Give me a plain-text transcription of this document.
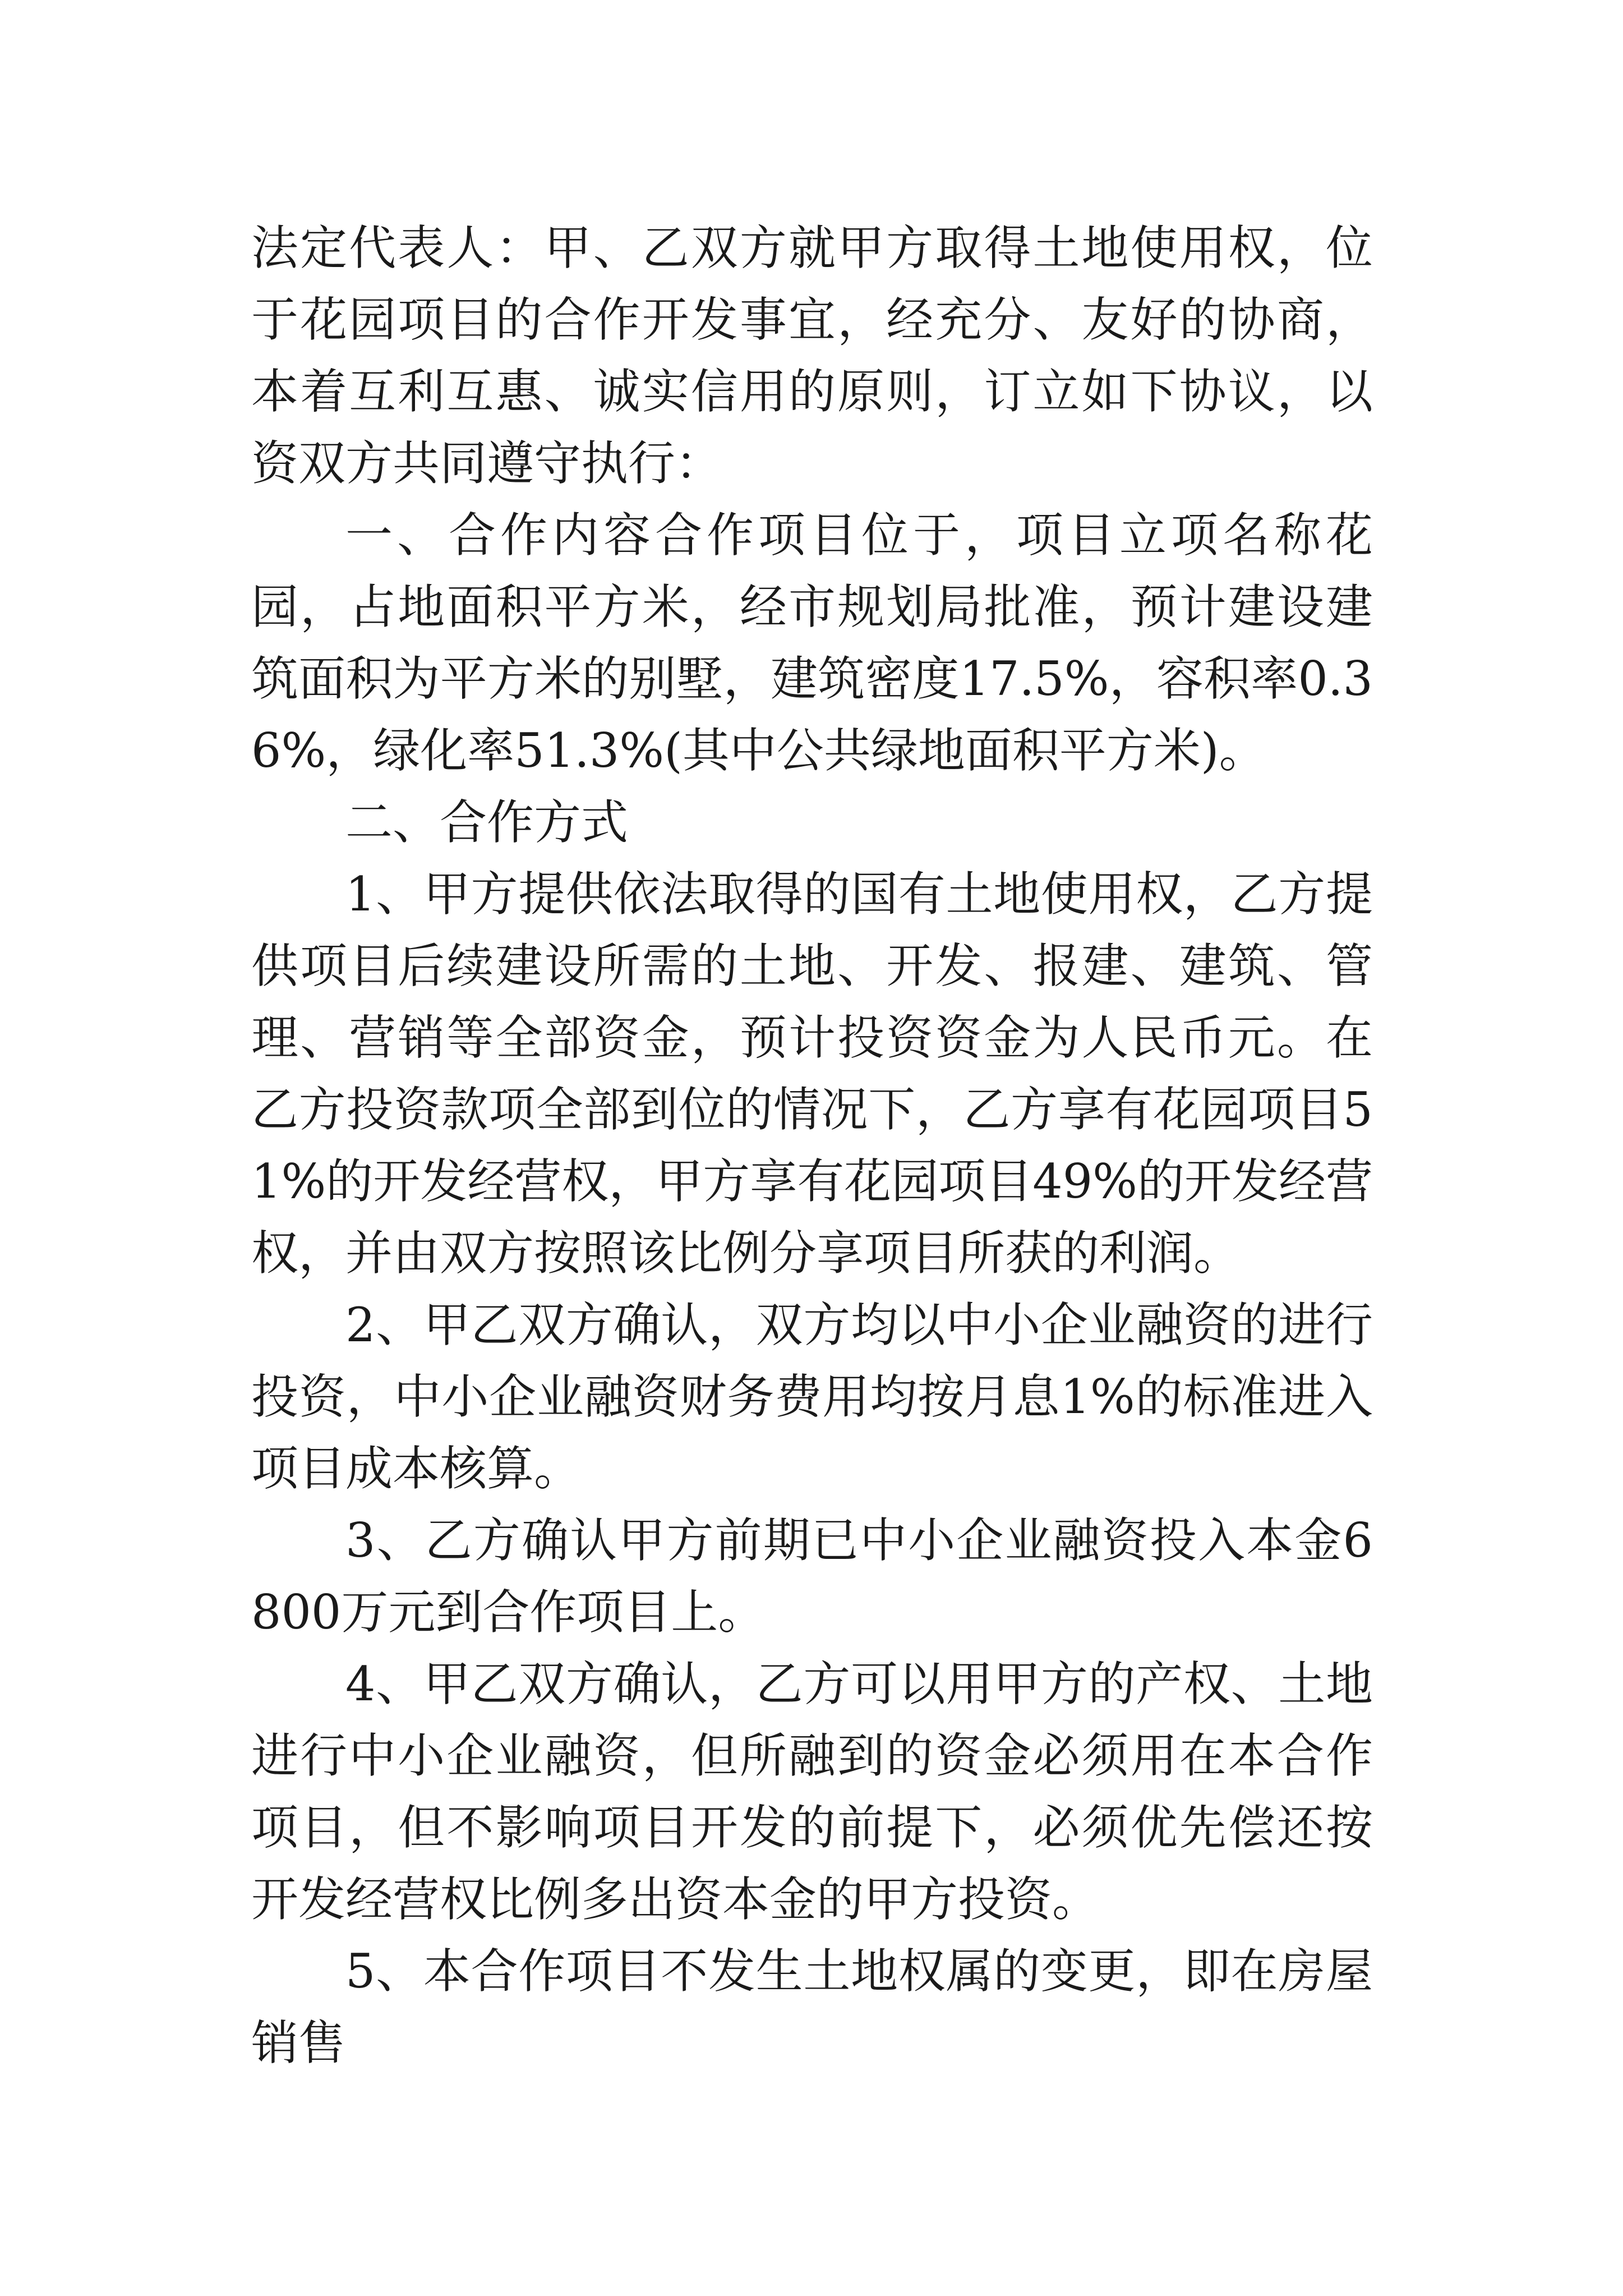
法定代表人：甲、乙双方就甲方取得土地使用权，位于花园项目的合作开发事宜，经充分、友好的协商，本着互利互惠、诚实信用的原则，订立如下协议，以资双方共同遵守执行：

一、合作内容合作项目位于，项目立项名称花园，占地面积平方米，经市规划局批准，预计建设建筑面积为平方米的别墅，建筑密度17.5%，容积率0.36%，绿化率51.3%(其中公共绿地面积平方米)。

二、合作方式

1、甲方提供依法取得的国有土地使用权，乙方提供项目后续建设所需的土地、开发、报建、建筑、管理、营销等全部资金，预计投资资金为人民币元。在乙方投资款项全部到位的情况下，乙方享有花园项目51%的开发经营权，甲方享有花园项目49%的开发经营权，并由双方按照该比例分享项目所获的利润。

2、甲乙双方确认，双方均以中小企业融资的进行投资，中小企业融资财务费用均按月息1%的标准进入项目成本核算。

3、乙方确认甲方前期已中小企业融资投入本金6800万元到合作项目上。

4、甲乙双方确认，乙方可以用甲方的产权、土地进行中小企业融资，但所融到的资金必须用在本合作项目，但不影响项目开发的前提下，必须优先偿还按开发经营权比例多出资本金的甲方投资。

5、本合作项目不发生土地权属的变更，即在房屋销售
